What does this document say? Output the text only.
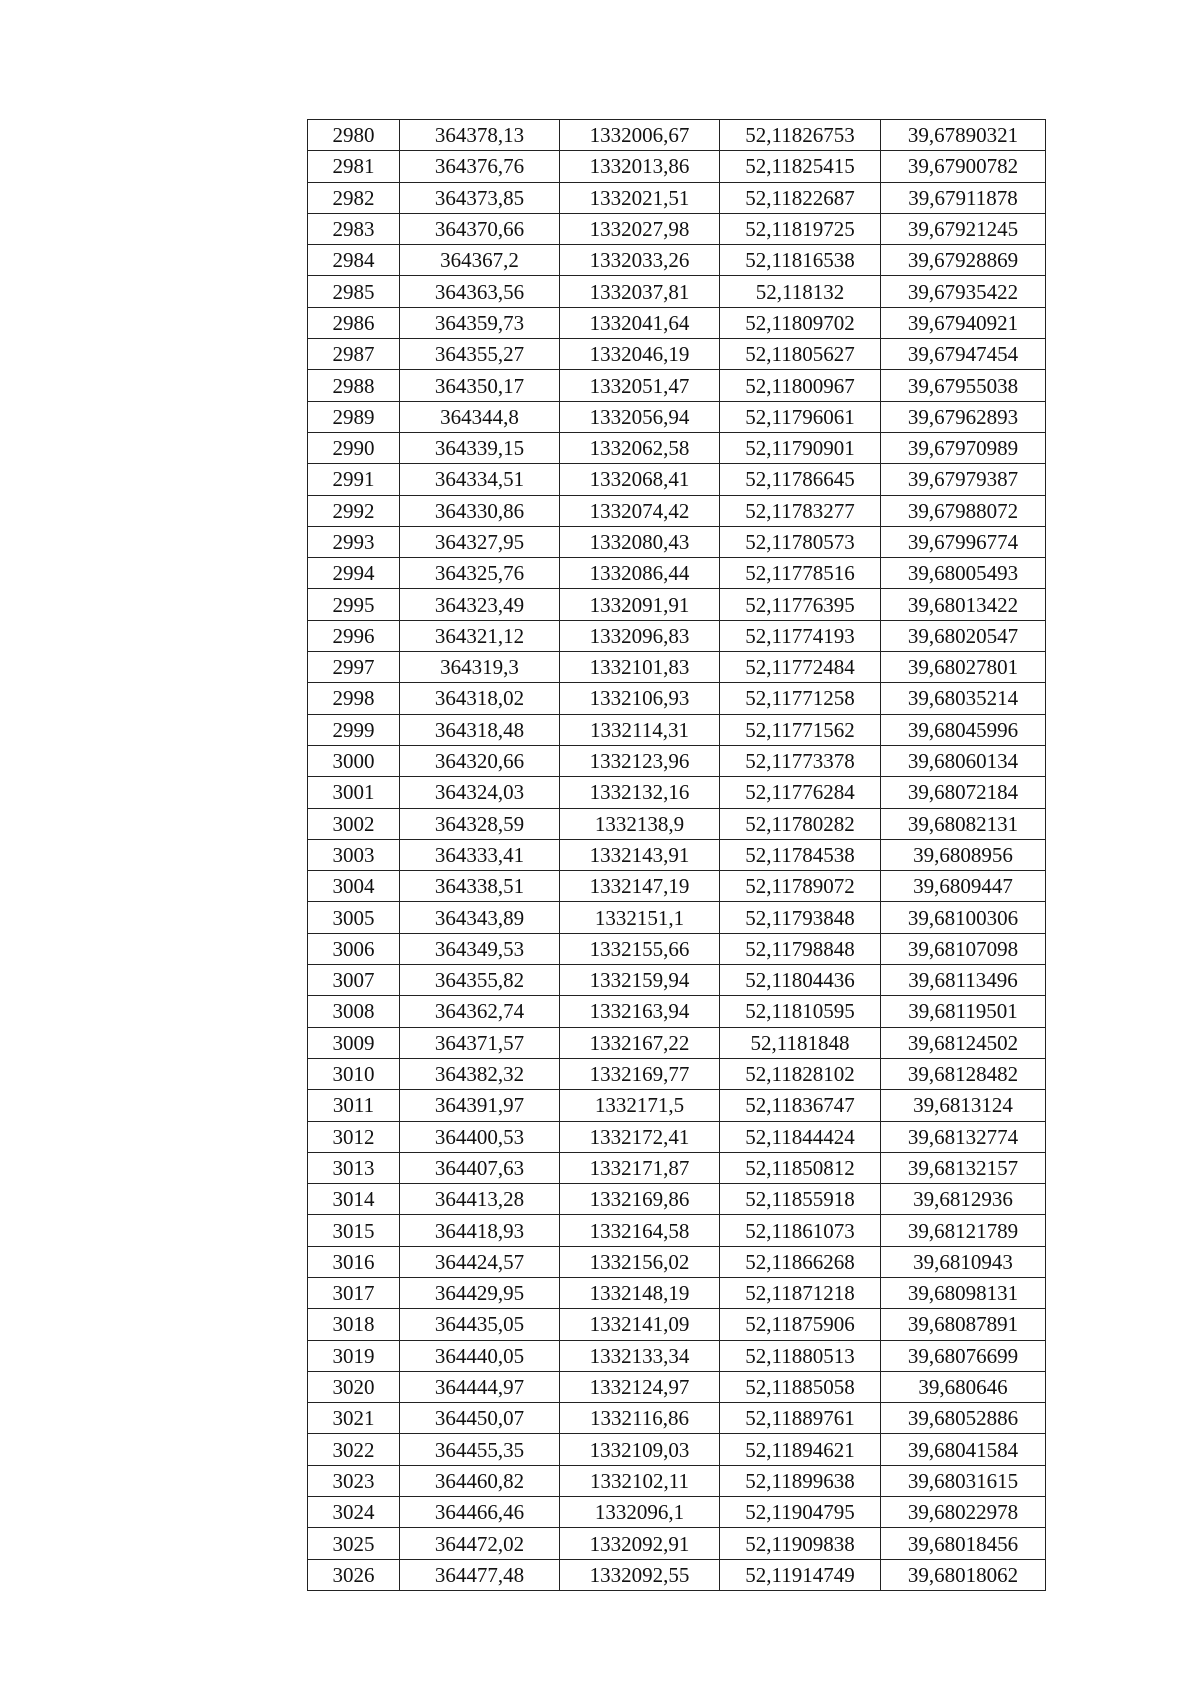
2980	364378,13	1332006,67	52,11826753	39,67890321
2981	364376,76	1332013,86	52,11825415	39,67900782
2982	364373,85	1332021,51	52,11822687	39,67911878
2983	364370,66	1332027,98	52,11819725	39,67921245
2984	364367,2	1332033,26	52,11816538	39,67928869
2985	364363,56	1332037,81	52,118132	39,67935422
2986	364359,73	1332041,64	52,11809702	39,67940921
2987	364355,27	1332046,19	52,11805627	39,67947454
2988	364350,17	1332051,47	52,11800967	39,67955038
2989	364344,8	1332056,94	52,11796061	39,67962893
2990	364339,15	1332062,58	52,11790901	39,67970989
2991	364334,51	1332068,41	52,11786645	39,67979387
2992	364330,86	1332074,42	52,11783277	39,67988072
2993	364327,95	1332080,43	52,11780573	39,67996774
2994	364325,76	1332086,44	52,11778516	39,68005493
2995	364323,49	1332091,91	52,11776395	39,68013422
2996	364321,12	1332096,83	52,11774193	39,68020547
2997	364319,3	1332101,83	52,11772484	39,68027801
2998	364318,02	1332106,93	52,11771258	39,68035214
2999	364318,48	1332114,31	52,11771562	39,68045996
3000	364320,66	1332123,96	52,11773378	39,68060134
3001	364324,03	1332132,16	52,11776284	39,68072184
3002	364328,59	1332138,9	52,11780282	39,68082131
3003	364333,41	1332143,91	52,11784538	39,6808956
3004	364338,51	1332147,19	52,11789072	39,6809447
3005	364343,89	1332151,1	52,11793848	39,68100306
3006	364349,53	1332155,66	52,11798848	39,68107098
3007	364355,82	1332159,94	52,11804436	39,68113496
3008	364362,74	1332163,94	52,11810595	39,68119501
3009	364371,57	1332167,22	52,1181848	39,68124502
3010	364382,32	1332169,77	52,11828102	39,68128482
3011	364391,97	1332171,5	52,11836747	39,6813124
3012	364400,53	1332172,41	52,11844424	39,68132774
3013	364407,63	1332171,87	52,11850812	39,68132157
3014	364413,28	1332169,86	52,11855918	39,6812936
3015	364418,93	1332164,58	52,11861073	39,68121789
3016	364424,57	1332156,02	52,11866268	39,6810943
3017	364429,95	1332148,19	52,11871218	39,68098131
3018	364435,05	1332141,09	52,11875906	39,68087891
3019	364440,05	1332133,34	52,11880513	39,68076699
3020	364444,97	1332124,97	52,11885058	39,680646
3021	364450,07	1332116,86	52,11889761	39,68052886
3022	364455,35	1332109,03	52,11894621	39,68041584
3023	364460,82	1332102,11	52,11899638	39,68031615
3024	364466,46	1332096,1	52,11904795	39,68022978
3025	364472,02	1332092,91	52,11909838	39,68018456
3026	364477,48	1332092,55	52,11914749	39,68018062
